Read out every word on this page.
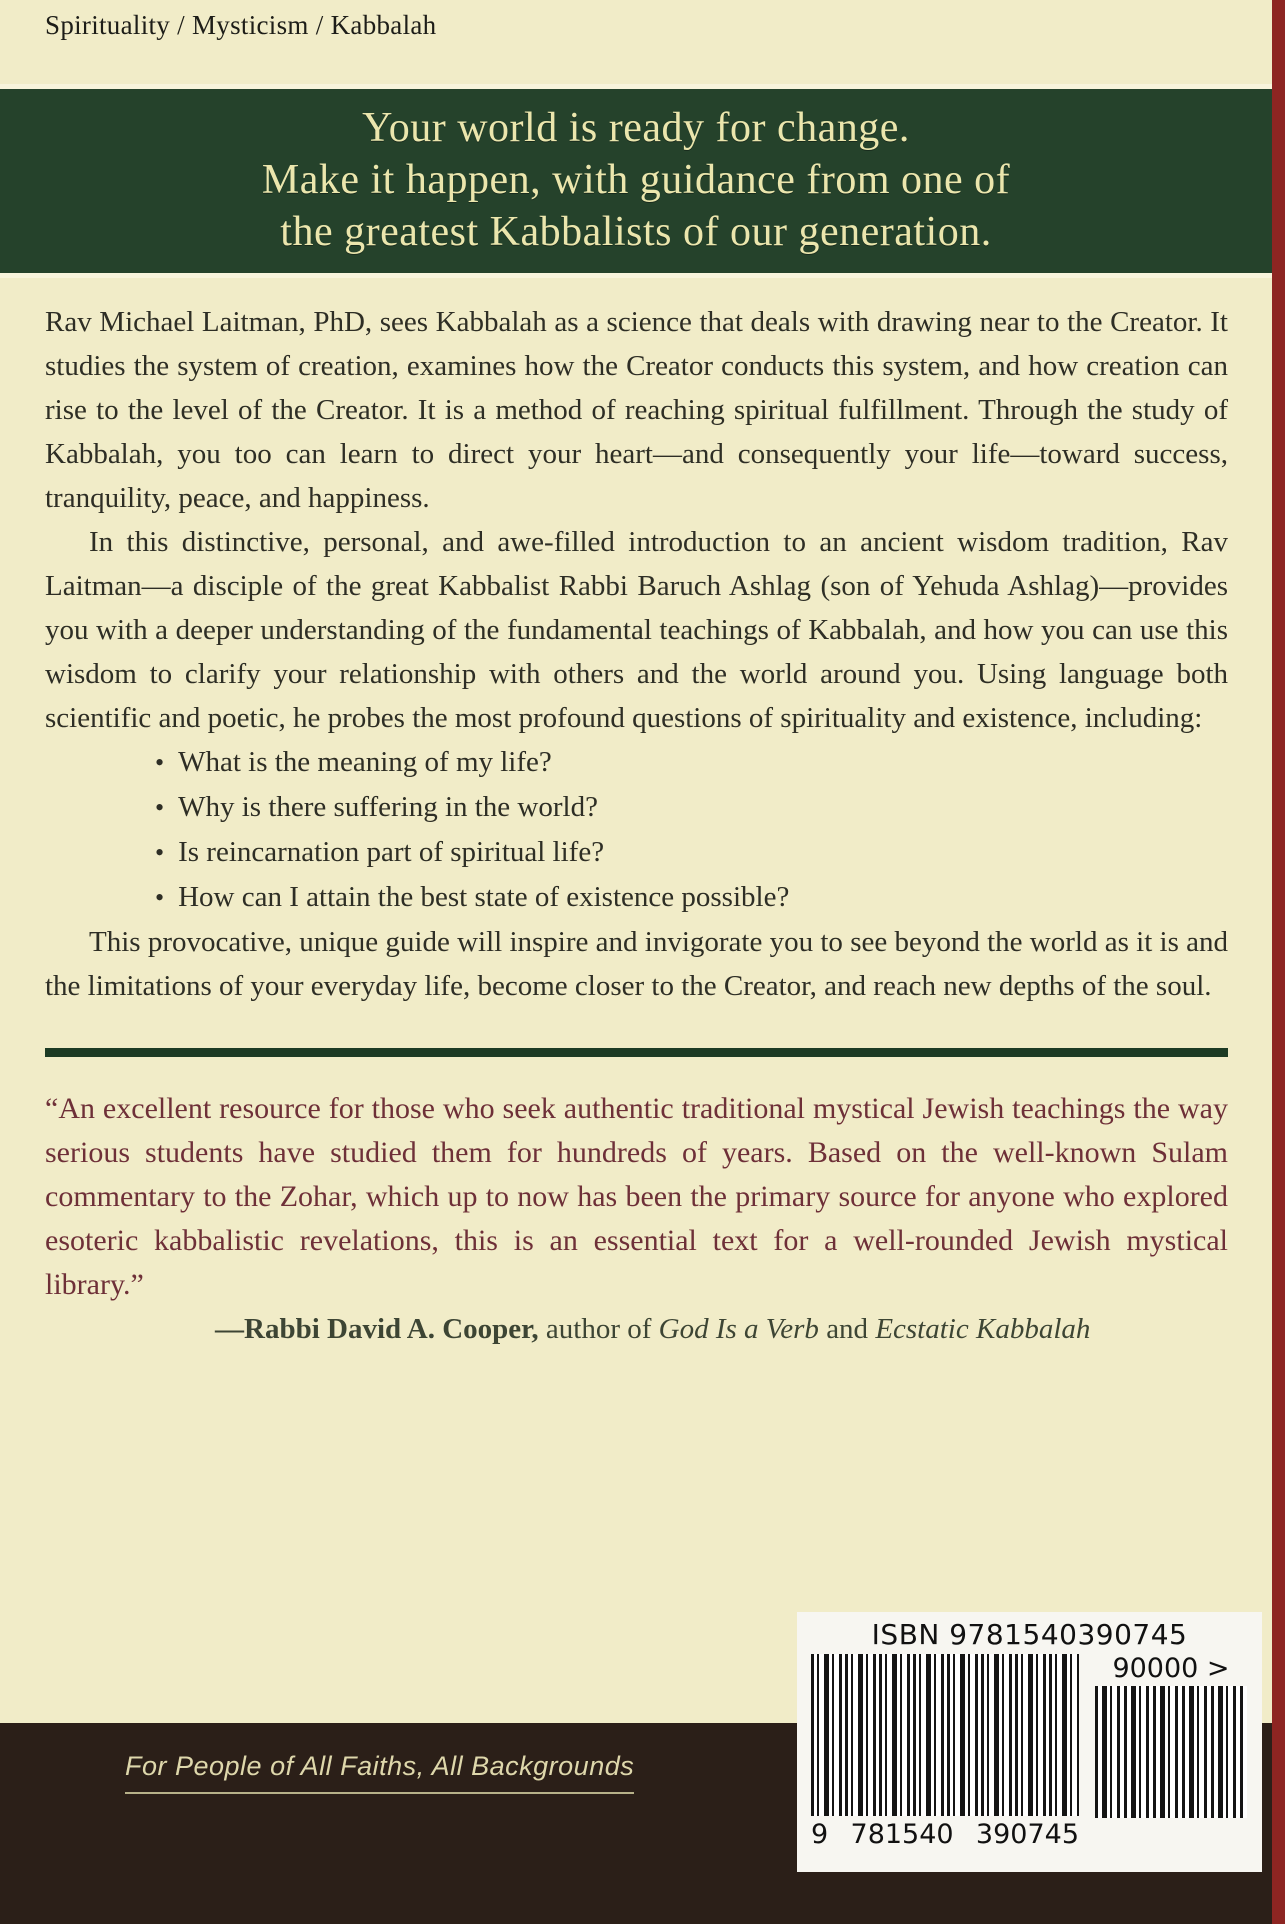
Spirituality / Mysticism / Kabbalah
Your world is ready for change.
Make it happen, with guidance from one of
the greatest Kabbalists of our generation.

Rav Michael Laitman, PhD, sees Kabbalah as a science that deals with drawing near to the Creator. It studies the system of creation, examines how the Creator conducts this system, and how creation can rise to the level of the Creator. It is a method of reaching spiritual fulfillment. Through the study of Kabbalah, you too can learn to direct your heart—and consequently your life—toward success, tranquility, peace, and happiness.

In this distinctive, personal, and awe-filled introduction to an ancient wisdom tradition, Rav Laitman—a disciple of the great Kabbalist Rabbi Baruch Ashlag (son of Yehuda Ashlag)—provides you with a deeper understanding of the fundamental teachings of Kabbalah, and how you can use this wisdom to clarify your relationship with others and the world around you. Using language both scientific and poetic, he probes the most profound questions of spirituality and existence, including:

• What is the meaning of my life?
• Why is there suffering in the world?
• Is reincarnation part of spiritual life?
• How can I attain the best state of existence possible?

This provocative, unique guide will inspire and invigorate you to see beyond the world as it is and the limitations of your everyday life, become closer to the Creator, and reach new depths of the soul.

“An excellent resource for those who seek authentic traditional mystical Jewish teachings the way serious students have studied them for hundreds of years. Based on the well-known Sulam commentary to the Zohar, which up to now has been the primary source for anyone who explored esoteric kabbalistic revelations, this is an essential text for a well-rounded Jewish mystical library.”

—Rabbi David A. Cooper, author of God Is a Verb and Ecstatic Kabbalah

For People of All Faiths, All Backgrounds
ISBN 9781540390745
9 781540 390745
90000 >
